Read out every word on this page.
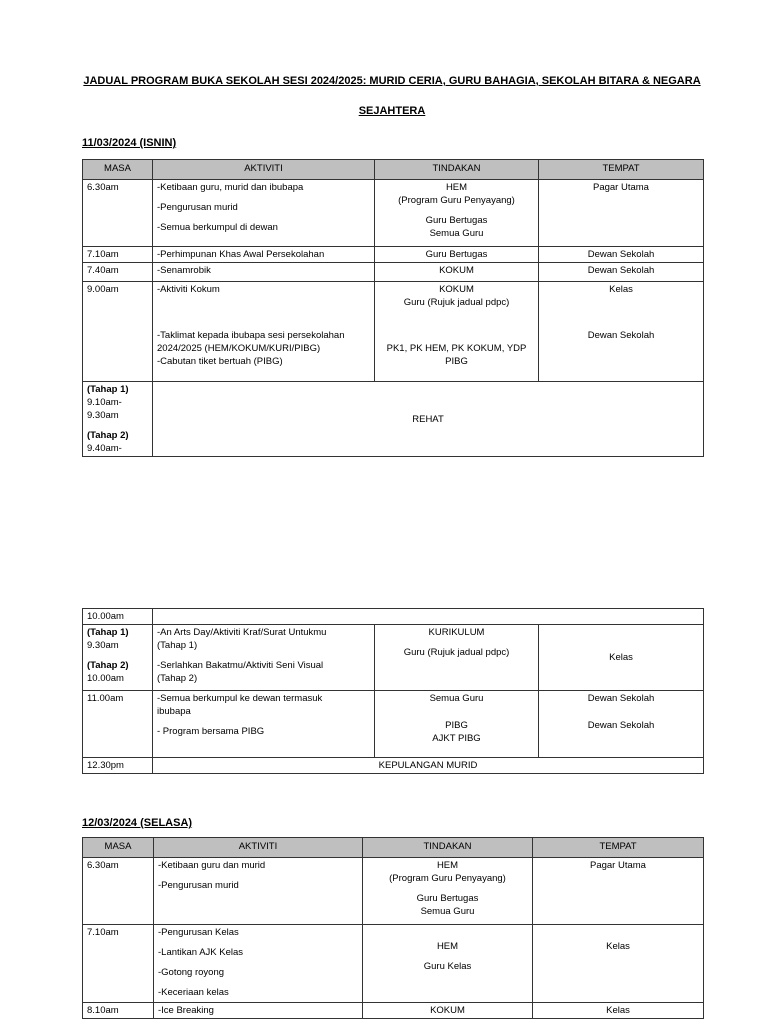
JADUAL PROGRAM BUKA SEKOLAH SESI 2024/2025: MURID CERIA, GURU BAHAGIA, SEKOLAH BITARA & NEGARA SEJAHTERA
11/03/2024 (ISNIN)
MASA	AKTIVITI	TINDAKAN	TEMPAT
6.30am	-Ketibaan guru, murid dan ibubapa
-Pengurusan murid
-Semua berkumpul di dewan	HEM
(Program Guru Penyayang)
Guru Bertugas
Semua Guru	Pagar Utama
7.10am	-Perhimpunan Khas Awal Persekolahan	Guru Bertugas	Dewan Sekolah
7.40am	-Senamrobik	KOKUM	Dewan Sekolah
9.00am	-Aktiviti Kokum
-Taklimat kepada ibubapa sesi persekolahan
2024/2025 (HEM/KOKUM/KURI/PIBG)
-Cabutan tiket bertuah (PIBG)	KOKUM
Guru (Rujuk jadual pdpc)
PK1, PK HEM, PK KOKUM, YDP
PIBG	Kelas
Dewan Sekolah

(Tahap 1)
9.10am-
9.30am
(Tahap 2)
9.40am-	REHAT		
10.00am			

(Tahap 1)
9.30am
(Tahap 2)
10.00am	-An Arts Day/Aktiviti Kraf/Surat Untukmu
(Tahap 1)
-Serlahkan Bakatmu/Aktiviti Seni Visual
(Tahap 2)	KURIKULUM
Guru (Rujuk jadual pdpc)	Kelas
11.00am	-Semua berkumpul ke dewan termasuk
ibubapa
- Program bersama PIBG	Semua Guru
PIBG
AJKT PIBG	Dewan Sekolah
Dewan Sekolah

12.30pm	KEPULANGAN MURID		
12/03/2024 (SELASA)
MASA	AKTIVITI	TINDAKAN	TEMPAT
6.30am	-Ketibaan guru dan murid
-Pengurusan murid	HEM
(Program Guru Penyayang)
Guru Bertugas
Semua Guru	Pagar Utama
7.10am	-Pengurusan Kelas
-Lantikan AJK Kelas
-Gotong royong
-Keceriaan kelas	HEM
Guru Kelas	Kelas
8.10am	-Ice Breaking	KOKUM	Kelas
